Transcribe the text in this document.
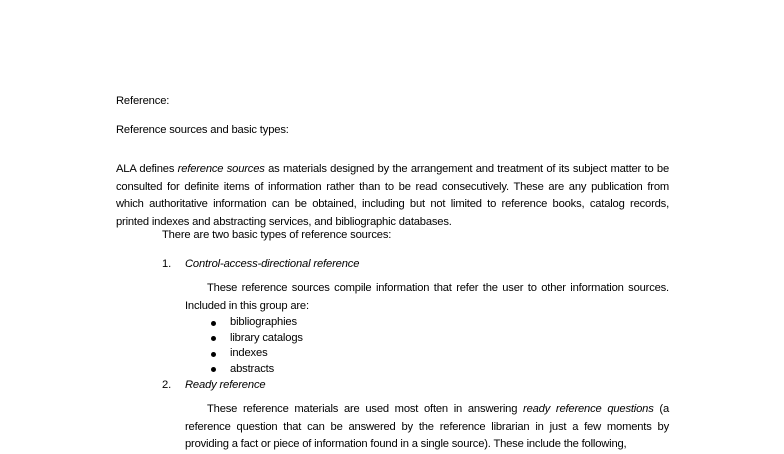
Reference:

Reference sources and basic types:

ALA defines reference sources as materials designed by the arrangement and treatment of its subject matter to be consulted for definite items of information rather than to be read consecutively. These are any publication from which authoritative information can be obtained, including but not limited to reference books, catalog records, printed indexes and abstracting services, and bibliographic databases.

There are two basic types of reference sources:

1. Control-access-directional reference

These reference sources compile information that refer the user to other information sources. Included in this group are:

bibliographies
library catalogs
indexes
abstracts
2. Ready reference

These reference materials are used most often in answering ready reference questions (a reference question that can be answered by the reference librarian in just a few moments by providing a fact or piece of information found in a single source). These include the following,
